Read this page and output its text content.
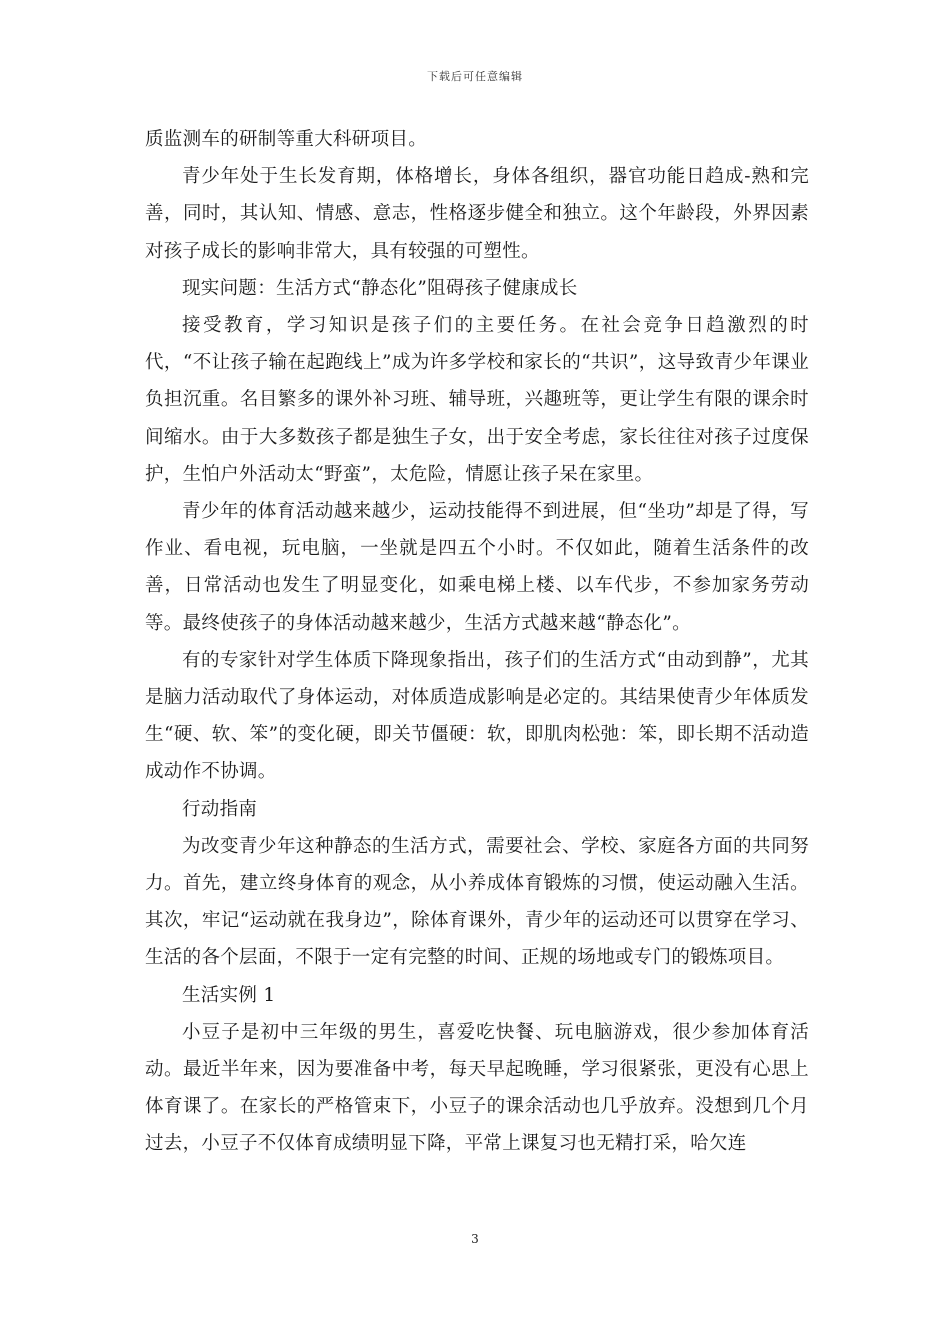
下载后可任意编辑

质监测车的研制等重大科研项目。

青少年处于生长发育期，体格增长，身体各组织，器官功能日趋成-熟和完善，同时，其认知、情感、意志，性格逐步健全和独立。这个年龄段，外界因素对孩子成长的影响非常大，具有较强的可塑性。

现实问题：生活方式“静态化”阻碍孩子健康成长

接受教育，学习知识是孩子们的主要任务。在社会竞争日趋激烈的时代，“不让孩子输在起跑线上”成为许多学校和家长的“共识”，这导致青少年课业负担沉重。名目繁多的课外补习班、辅导班，兴趣班等，更让学生有限的课余时间缩水。由于大多数孩子都是独生子女，出于安全考虑，家长往往对孩子过度保护，生怕户外活动太“野蛮”，太危险，情愿让孩子呆在家里。

青少年的体育活动越来越少，运动技能得不到进展，但“坐功”却是了得，写作业、看电视，玩电脑，一坐就是四五个小时。不仅如此，随着生活条件的改善，日常活动也发生了明显变化，如乘电梯上楼、以车代步，不参加家务劳动等。最终使孩子的身体活动越来越少，生活方式越来越“静态化”。

有的专家针对学生体质下降现象指出，孩子们的生活方式“由动到静”，尤其是脑力活动取代了身体运动，对体质造成影响是必定的。其结果使青少年体质发生“硬、软、笨”的变化硬，即关节僵硬：软，即肌肉松弛：笨，即长期不活动造成动作不协调。

行动指南

为改变青少年这种静态的生活方式，需要社会、学校、家庭各方面的共同努力。首先，建立终身体育的观念，从小养成体育锻炼的习惯，使运动融入生活。其次，牢记“运动就在我身边”，除体育课外，青少年的运动还可以贯穿在学习、生活的各个层面，不限于一定有完整的时间、正规的场地或专门的锻炼项目。

生活实例 1

小豆子是初中三年级的男生，喜爱吃快餐、玩电脑游戏，很少参加体育活动。最近半年来，因为要准备中考，每天早起晚睡，学习很紧张，更没有心思上体育课了。在家长的严格管束下，小豆子的课余活动也几乎放弃。没想到几个月过去，小豆子不仅体育成绩明显下降，平常上课复习也无精打采，哈欠连

3
